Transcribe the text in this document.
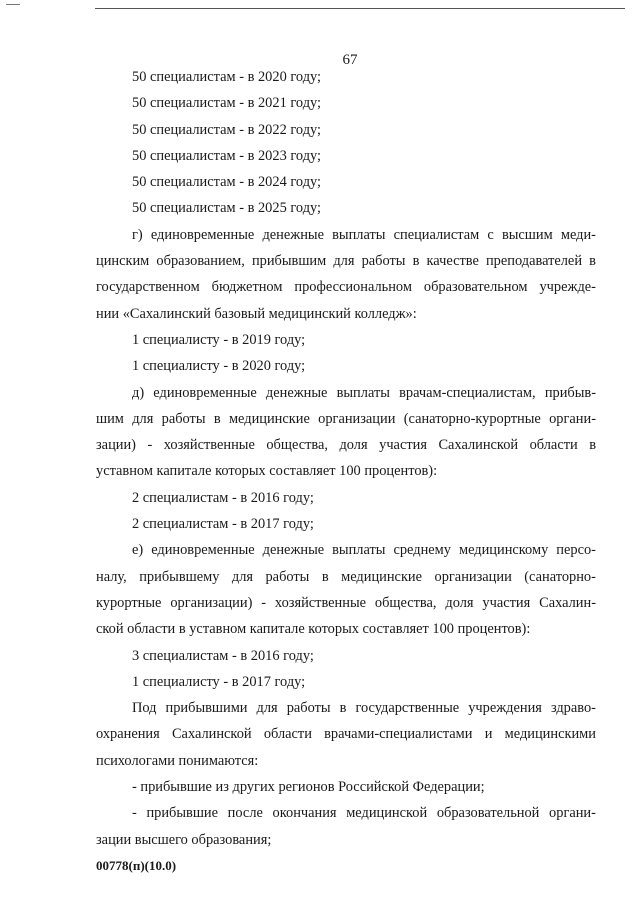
67
50 специалистам - в 2020 году;
50 специалистам - в 2021 году;
50 специалистам - в 2022 году;
50 специалистам - в 2023 году;
50 специалистам - в 2024 году;
50 специалистам - в 2025 году;
г) единовременные денежные выплаты специалистам с высшим меди-
цинским образованием, прибывшим для работы в качестве преподавателей в
государственном бюджетном профессиональном образовательном учрежде-
нии «Сахалинский базовый медицинский колледж»:
1 специалисту - в 2019 году;
1 специалисту - в 2020 году;
д) единовременные денежные выплаты врачам-специалистам, прибыв-
шим для работы в медицинские организации (санаторно-курортные органи-
зации) - хозяйственные общества, доля участия Сахалинской области в
уставном капитале которых составляет 100 процентов):
2 специалистам - в 2016 году;
2 специалистам - в 2017 году;
е) единовременные денежные выплаты среднему медицинскому персо-
налу, прибывшему для работы в медицинские организации (санаторно-
курортные организации) - хозяйственные общества, доля участия Сахалин-
ской области в уставном капитале которых составляет 100 процентов):
3 специалистам - в 2016 году;
1 специалисту - в 2017 году;
Под прибывшими для работы в государственные учреждения здраво-
охранения Сахалинской области врачами-специалистами и медицинскими
психологами понимаются:
- прибывшие из других регионов Российской Федерации;
- прибывшие после окончания медицинской образовательной органи-
зации высшего образования;
00778(п)(10.0)
